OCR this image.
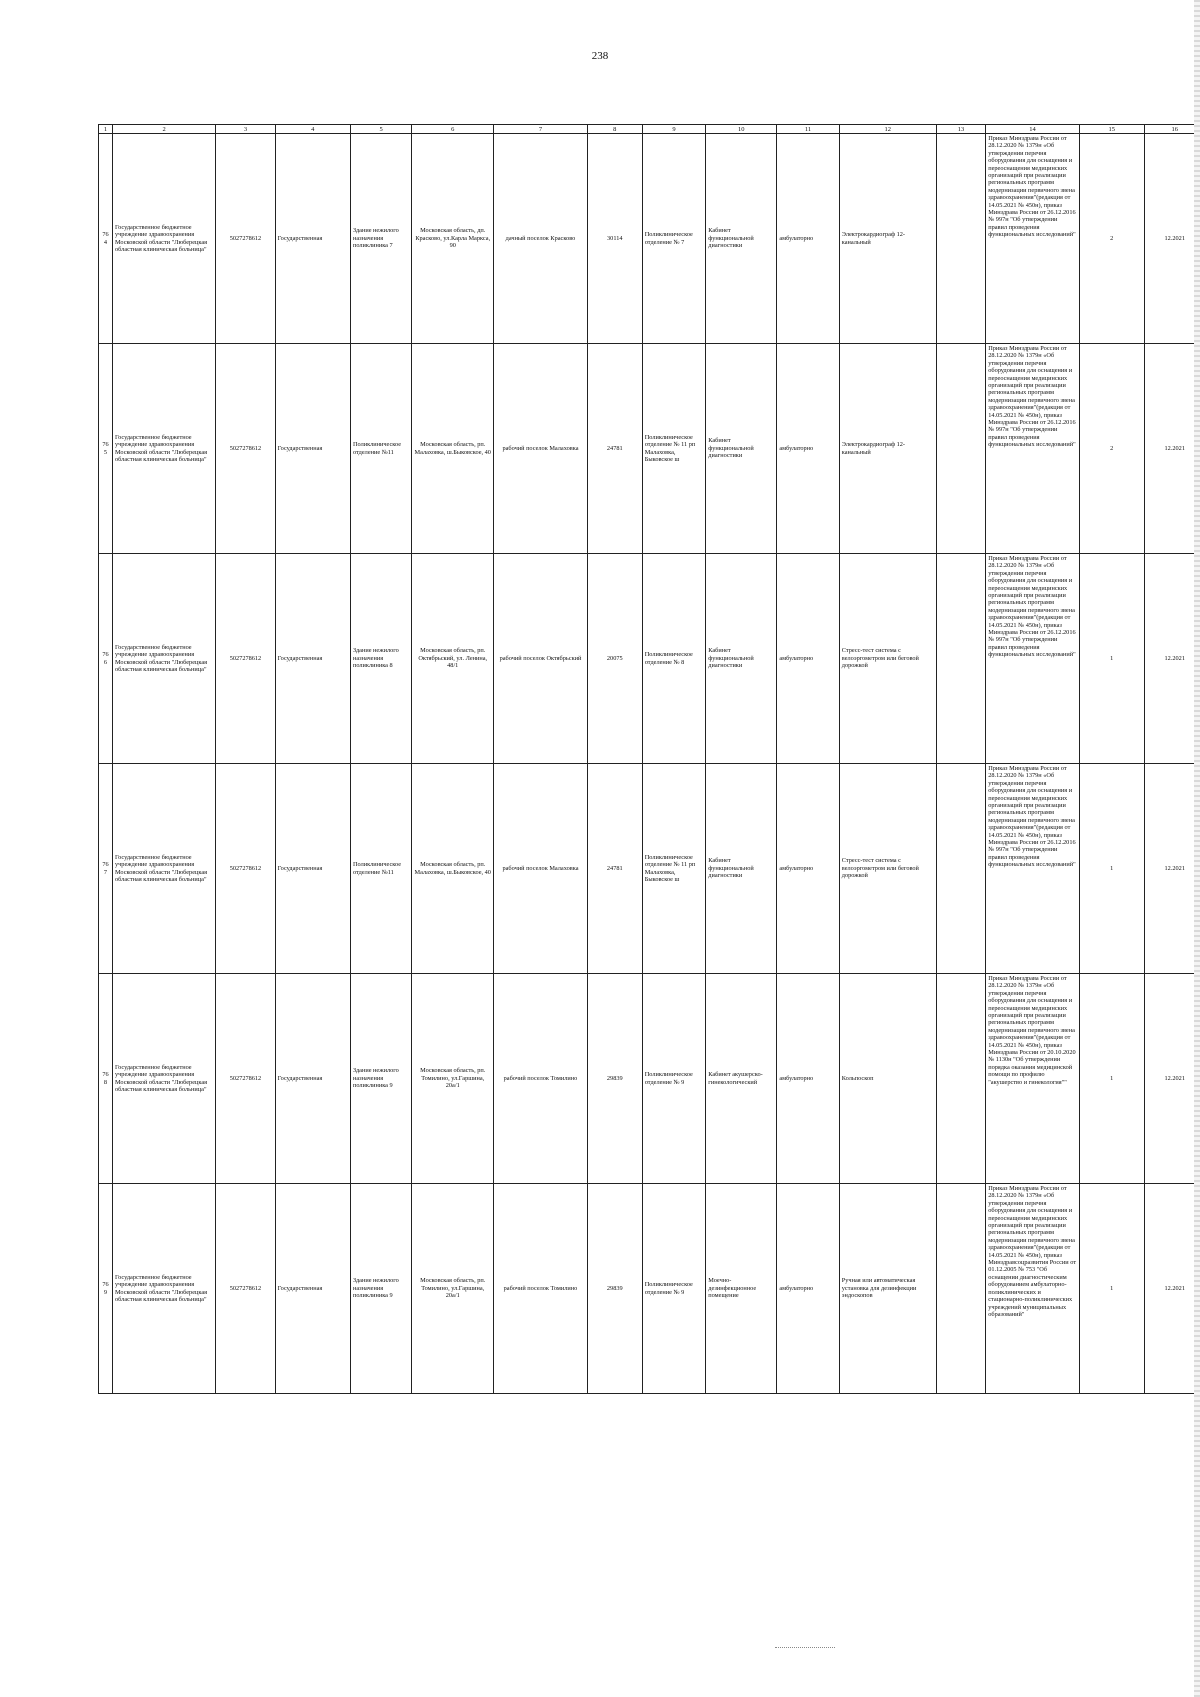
238
1	2	3	4	5	6	7	8	9	10	11	12	13	14	15	16
764	Государственное бюджетное учреждение здравоохранения Московской области "Люберецкая областная клиническая больница"	5027278612	Государственная	Здание нежилого назначения поликлиника 7	Московская область, дп. Красково, ул.Карла Маркса, 90	дачный поселок Красково	30114	Поликлиническое отделение № 7	Кабинет функциональной диагностики	амбулаторно	Электрокардиограф 12-канальный		Приказ Минздрава России от 28.12.2020 № 1379н «Об утверждении перечня оборудования для оснащения и переоснащения медицинских организаций при реализации региональных программ модернизации первичного звена здравоохранения"(редакция от 14.05.2021 № 450н), приказ Минздрава России от 26.12.2016 № 997н "Об утверждении правил проведения функциональных исследований"	2	12.2021
765	Государственное бюджетное учреждение здравоохранения Московской области "Люберецкая областная клиническая больница"	5027278612	Государственная	Поликлиническое отделение №11	Московская область, рп. Малаховка, ш.Быковское, 40	рабочий поселок Малаховка	24781	Поликлиническое отделение № 11 рп Малаховка, Быковское ш	Кабинет функциональной диагностики	амбулаторно	Электрокардиограф 12-канальный		Приказ Минздрава России от 28.12.2020 № 1379н «Об утверждении перечня оборудования для оснащения и переоснащения медицинских организаций при реализации региональных программ модернизации первичного звена здравоохранения"(редакция от 14.05.2021 № 450н), приказ Минздрава России от 26.12.2016 № 997н "Об утверждении правил проведения функциональных исследований"	2	12.2021
766	Государственное бюджетное учреждение здравоохранения Московской области "Люберецкая областная клиническая больница"	5027278612	Государственная	Здание нежилого назначения поликлиника 8	Московская область, рп. Октябрьский, ул. Ленина, 48/1	рабочий поселок Октябрьский	20075	Поликлиническое отделение № 8	Кабинет функциональной диагностики	амбулаторно	Стресс-тест система с велоэргометром или беговой дорожкой		Приказ Минздрава России от 28.12.2020 № 1379н «Об утверждении перечня оборудования для оснащения и переоснащения медицинских организаций при реализации региональных программ модернизации первичного звена здравоохранения"(редакция от 14.05.2021 № 450н), приказ Минздрава России от 26.12.2016 № 997н "Об утверждении правил проведения функциональных исследований"	1	12.2021
767	Государственное бюджетное учреждение здравоохранения Московской области "Люберецкая областная клиническая больница"	5027278612	Государственная	Поликлиническое отделение №11	Московская область, рп. Малаховка, ш.Быковское, 40	рабочий поселок Малаховка	24781	Поликлиническое отделение № 11 рп Малаховка, Быковское ш	Кабинет функциональной диагностики	амбулаторно	Стресс-тест система с велоэргометром или беговой дорожкой		Приказ Минздрава России от 28.12.2020 № 1379н «Об утверждении перечня оборудования для оснащения и переоснащения медицинских организаций при реализации региональных программ модернизации первичного звена здравоохранения"(редакция от 14.05.2021 № 450н), приказ Минздрава России от 26.12.2016 № 997н "Об утверждении правил проведения функциональных исследований"	1	12.2021
768	Государственное бюджетное учреждение здравоохранения Московской области "Люберецкая областная клиническая больница"	5027278612	Государственная	Здание нежилого назначения поликлиника 9	Московская область, рп. Томилино, ул.Гаршина, 20а/1	рабочий поселок Томилино	29839	Поликлиническое отделение № 9	Кабинет акушерско-гинекологический	амбулаторно	Кольпоскоп		Приказ Минздрава России от 28.12.2020 № 1379н «Об утверждении перечня оборудования для оснащения и переоснащения медицинских организаций при реализации региональных программ модернизации первичного звена здравоохранения"(редакция от 14.05.2021 № 450н), приказ Минздрава России от 20.10.2020 № 1130н "Об утверждении порядка оказания медицинской помощи по профилю "акушерство и гинекология""	1	12.2021
769	Государственное бюджетное учреждение здравоохранения Московской области "Люберецкая областная клиническая больница"	5027278612	Государственная	Здание нежилого назначения поликлиника 9	Московская область, рп. Томилино, ул.Гаршина, 20а/1	рабочий поселок Томилино	29839	Поликлиническое отделение № 9	Моечно-дезинфекционное помещение	амбулаторно	Ручная или автоматическая установка для дезинфекции эндоскопов		Приказ Минздрава России от 28.12.2020 № 1379н «Об утверждении перечня оборудования для оснащения и переоснащения медицинских организаций при реализации региональных программ модернизации первичного звена здравоохранения"(редакция от 14.05.2021 № 450н), приказ Минздравсоцразвития России от 01.12.2005 № 753 "Об оснащении диагностическим оборудованием амбулаторно-поликлинических и стационарно-поликлинических учреждений муниципальных образований"	1	12.2021
